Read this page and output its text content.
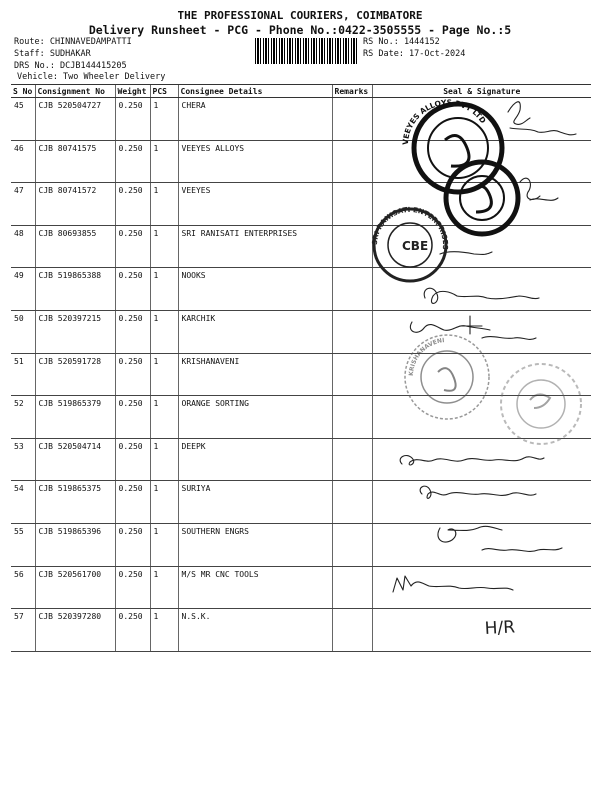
THE PROFESSIONAL COURIERS, COIMBATORE
Delivery Runsheet - PCG - Phone No.:0422-3505555 - Page No.:5
Route: CHINNAVEDAMPATTI
Staff: SUDHAKAR
DRS No.: DCJB144415205
Vehicle: Two Wheeler Delivery
RS No.: 1444152
RS Date: 17-Oct-2024
S No	Consignment No	Weight	PCS	Consignee Details	Remarks	Seal & Signature
45	CJB 520504727	0.250	1	CHERA		
46	CJB 80741575	0.250	1	VEEYES ALLOYS		
47	CJB 80741572	0.250	1	VEEYES		
48	CJB 80693855	0.250	1	SRI RANISATI ENTERPRISES		
49	CJB 519865388	0.250	1	NOOKS		
50	CJB 520397215	0.250	1	KARCHIK		
51	CJB 520591728	0.250	1	KRISHANAVENI		
52	CJB 519865379	0.250	1	ORANGE SORTING		
53	CJB 520504714	0.250	1	DEEPK		
54	CJB 519865375	0.250	1	SURIYA		
55	CJB 519865396	0.250	1	SOUTHERN ENGRS		
56	CJB 520561700	0.250	1	M/S MR CNC TOOLS		
57	CJB 520397280	0.250	1	N.S.K.		
VEEYES ALLOYS PVT LTD
SRI RANISATI ENTERPRISES
CBE
KRISHANAVENI
H/R
